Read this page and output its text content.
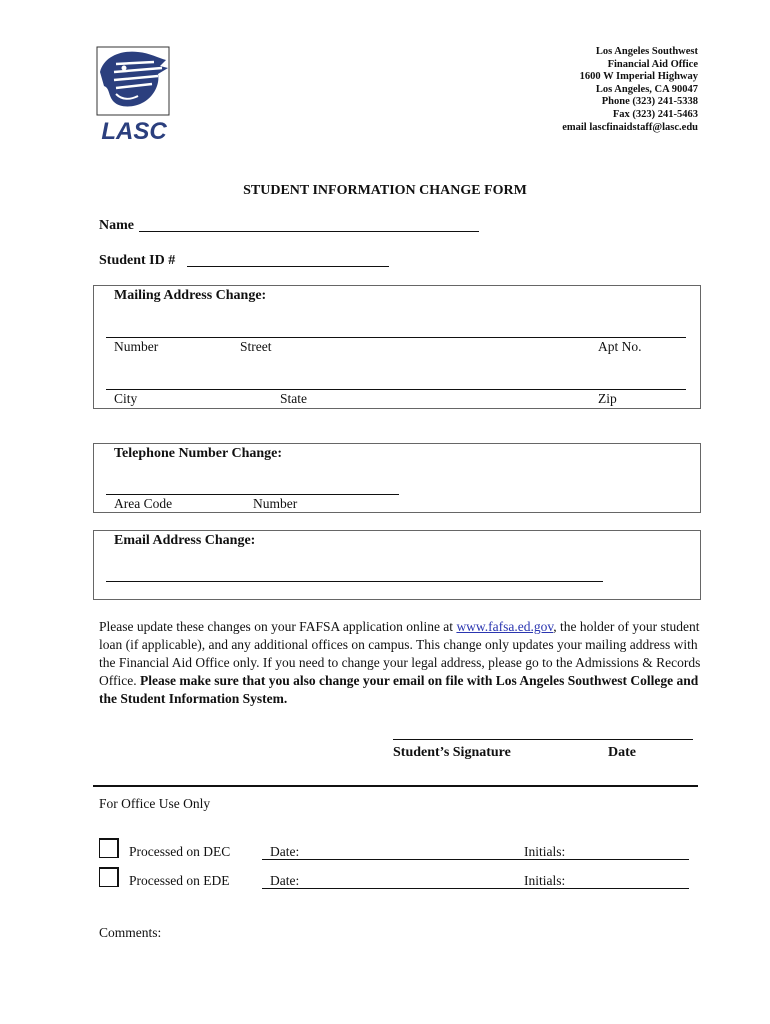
LASC
Los Angeles Southwest
Financial Aid Office
1600 W Imperial Highway
Los Angeles, CA 90047
Phone (323) 241-5338
Fax (323) 241-5463
email lascfinaidstaff@lasc.edu
STUDENT INFORMATION CHANGE FORM
Name
Student ID #
Mailing Address Change:
Number	Street	Apt No.
City	State	Zip
Telephone Number Change:
Area Code	Number
Email Address Change:
Please update these changes on your FAFSA application online at www.fafsa.ed.gov, the holder of your student loan (if applicable), and any additional offices on campus. This change only updates your mailing address with the Financial Aid Office only. If you need to change your legal address, please go to the Admissions & Records Office. Please make sure that you also change your email on file with Los Angeles Southwest College and the Student Information System.
Student’s Signature	Date
For Office Use Only
Processed on DEC	Date:	Initials:
Processed on EDE	Date:	Initials:
Comments:
